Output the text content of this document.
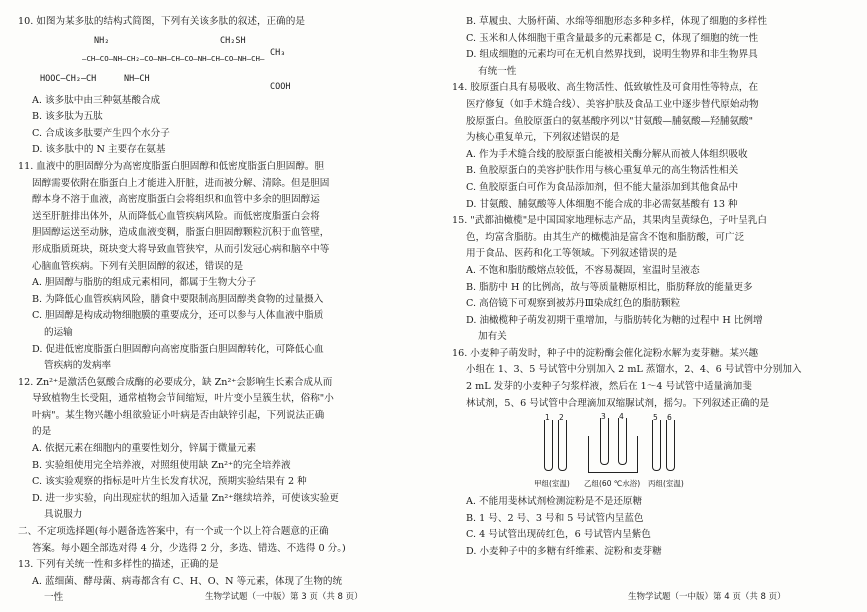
10. 如图为某多肽的结构式简图，下列有关该多肽的叙述，正确的是

NH₂	CH₂SH
CH₃
—CH—CO—NH—CH₂—CO—NH—CH—CO—NH—CH—CO—NH—CH—
HOOC—CH₂—CH	NH—CH
COOH

A. 该多肽中由三种氨基酸合成

B. 该多肽为五肽

C. 合成该多肽要产生四个水分子

D. 该多肽中的 N 主要存在氨基

11. 血液中的胆固醇分为高密度脂蛋白胆固醇和低密度脂蛋白胆固醇。胆

固醇需要依附在脂蛋白上才能进入肝脏，进而被分解、清除。但是胆固

醇本身不溶于血液，高密度脂蛋白会将组织和血管中多余的胆固醇运

送至肝脏排出体外，从而降低心血管疾病风险。而低密度脂蛋白会将

胆固醇运送至动脉，造成血液变稠，脂蛋白胆固醇颗粒沉积于血管壁，

形成脂质斑块，斑块变大将导致血管狭窄，从而引发冠心病和脑卒中等

心脑血管疾病。下列有关胆固醇的叙述，错误的是

A. 胆固醇与脂肪的组成元素相同，都属于生物大分子

B. 为降低心血管疾病风险，膳食中要限制高胆固醇类食物的过量摄入

C. 胆固醇是构成动物细胞膜的重要成分，还可以参与人体血液中脂质

的运输

D. 促进低密度脂蛋白胆固醇向高密度脂蛋白胆固醇转化，可降低心血

管疾病的发病率

12. Zn²⁺是激活色氨酸合成酶的必要成分，缺 Zn²⁺会影响生长素合成从而

导致植物生长受阻，通常植物会节间缩短，叶片变小呈簇生状，俗称"小

叶病"。某生物兴趣小组欲验证小叶病是否由缺锌引起，下列说法正确

的是

A. 依据元素在细胞内的重要性划分，锌属于微量元素

B. 实验组使用完全培养液，对照组使用缺 Zn²⁺的完全培养液

C. 该实验观察的指标是叶片生长发育状况，预期实验结果有 2 种

D. 进一步实验，向出现症状的组加入适量 Zn²⁺继续培养，可使该实验更

具说服力

二、不定项选择题(每小题备选答案中，有一个或一个以上符合题意的正确

答案。每小题全部选对得 4 分，少选得 2 分，多选、错选、不选得 0 分。)

13. 下列有关统一性和多样性的描述，正确的是

A. 蓝细菌、酵母菌、病毒都含有 C、H、O、N 等元素，体现了生物的统

一性	生物学试题（一中版）第 3 页（共 8 页）

B. 草履虫、大肠杆菌、水绵等细胞形态多种多样，体现了细胞的多样性

C. 玉米和人体细胞干重含量最多的元素都是 C，体现了细胞的统一性

D. 组成细胞的元素均可在无机自然界找到，说明生物界和非生物界具

有统一性

14. 胶原蛋白具有易吸收、高生物活性、低致敏性及可食用性等特点，在

医疗修复（如手术缝合线）、美容护肤及食品工业中逐步替代原始动物

胶原蛋白。鱼胶原蛋白的氨基酸序列以"甘氨酸—脯氨酸—羟脯氨酸"

为核心重复单元，下列叙述错误的是

A. 作为手术缝合线的胶原蛋白能被相关酶分解从而被人体组织吸收

B. 鱼胶原蛋白的美容护肤作用与核心重复单元的高生物活性相关

C. 鱼胶原蛋白可作为食品添加剂，但不能大量添加到其他食品中

D. 甘氨酸、脯氨酸等人体细胞不能合成的非必需氨基酸有 13 种

15. "武都油橄榄"是中国国家地理标志产品，其果肉呈黄绿色，子叶呈乳白

色，均富含脂肪。由其生产的橄榄油是富含不饱和脂肪酸，可广泛

用于食品、医药和化工等领域。下列叙述错误的是

A. 不饱和脂肪酸熔点较低，不容易凝固，室温时呈液态

B. 脂肪中 H 的比例高，故与等质量糖原相比，脂肪释放的能量更多

C. 高倍镜下可观察到被苏丹Ⅲ染成红色的脂肪颗粒

D. 油橄榄种子萌发初期干重增加，与脂肪转化为糖的过程中 H 比例增

加有关

16. 小麦种子萌发时，种子中的淀粉酶会催化淀粉水解为麦芽糖。某兴趣

小组在 1、3、5 号试管中分别加入 2 mL 蒸馏水，2、4、6 号试管中分别加入

2 mL 发芽的小麦种子匀浆样液，然后在 1～4 号试管中适量滴加斐

林试剂，5、6 号试管中合理滴加双缩脲试剂，摇匀。下列叙述正确的是

1 2	3 4	5 6
甲组(室温) 乙组(60 ℃水浴) 丙组(室温)

A. 不能用斐林试剂检测淀粉是不是还原糖

B. 1 号、2 号、3 号和 5 号试管内呈蓝色

C. 4 号试管出现砖红色，6 号试管内呈紫色

D. 小麦种子中的多糖有纤维素、淀粉和麦芽糖

生物学试题（一中版）第 4 页（共 8 页）
